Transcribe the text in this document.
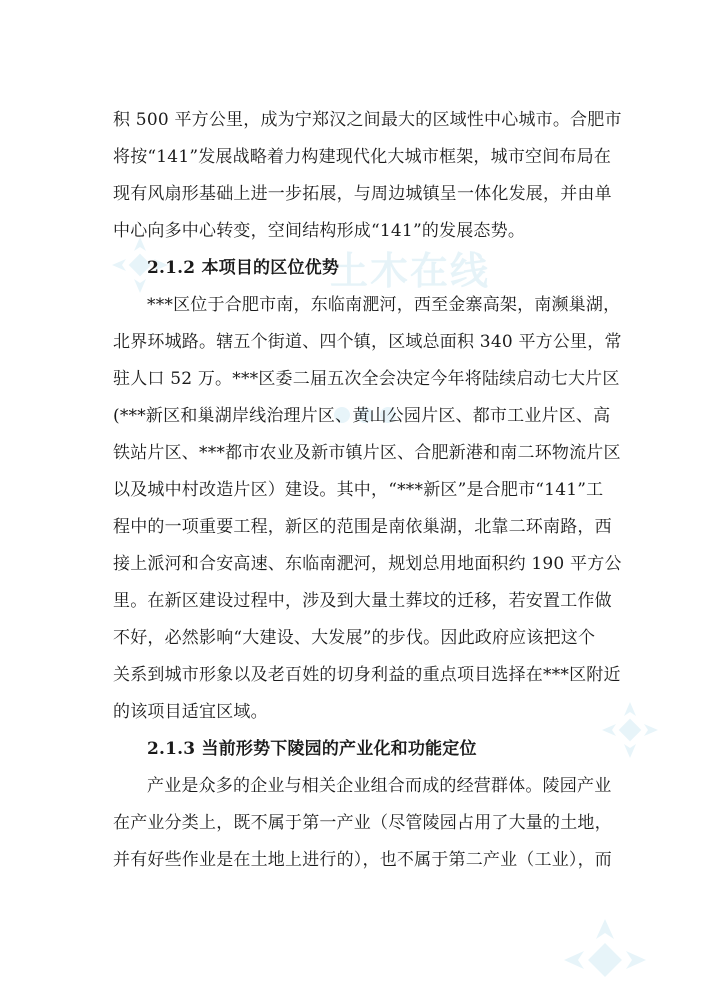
土木在线
积 500 平方公里，成为宁郑汉之间最大的区域性中心城市。合肥市
将按“141”发展战略着力构建现代化大城市框架，城市空间布局在
现有风扇形基础上进一步拓展，与周边城镇呈一体化发展，并由单
中心向多中心转变，空间结构形成“141”的发展态势。
2.1.2 本项目的区位优势
***区位于合肥市南，东临南淝河，西至金寨高架，南濒巢湖，
北界环城路。辖五个街道、四个镇，区域总面积 340 平方公里，常
驻人口 52 万。***区委二届五次全会决定今年将陆续启动七大片区
(***新区和巢湖岸线治理片区、黄山公园片区、都市工业片区、高
铁站片区、***都市农业及新市镇片区、合肥新港和南二环物流片区
以及城中村改造片区）建设。其中，“***新区”是合肥市“141”工
程中的一项重要工程，新区的范围是南依巢湖，北靠二环南路，西
接上派河和合安高速、东临南淝河，规划总用地面积约 190 平方公
里。在新区建设过程中，涉及到大量土葬坟的迁移，若安置工作做
不好，必然影响“大建设、大发展”的步伐。因此政府应该把这个
关系到城市形象以及老百姓的切身利益的重点项目选择在***区附近
的该项目适宜区域。
2.1.3 当前形势下陵园的产业化和功能定位
产业是众多的企业与相关企业组合而成的经营群体。陵园产业
在产业分类上，既不属于第一产业（尽管陵园占用了大量的土地，
并有好些作业是在土地上进行的），也不属于第二产业（工业），而
